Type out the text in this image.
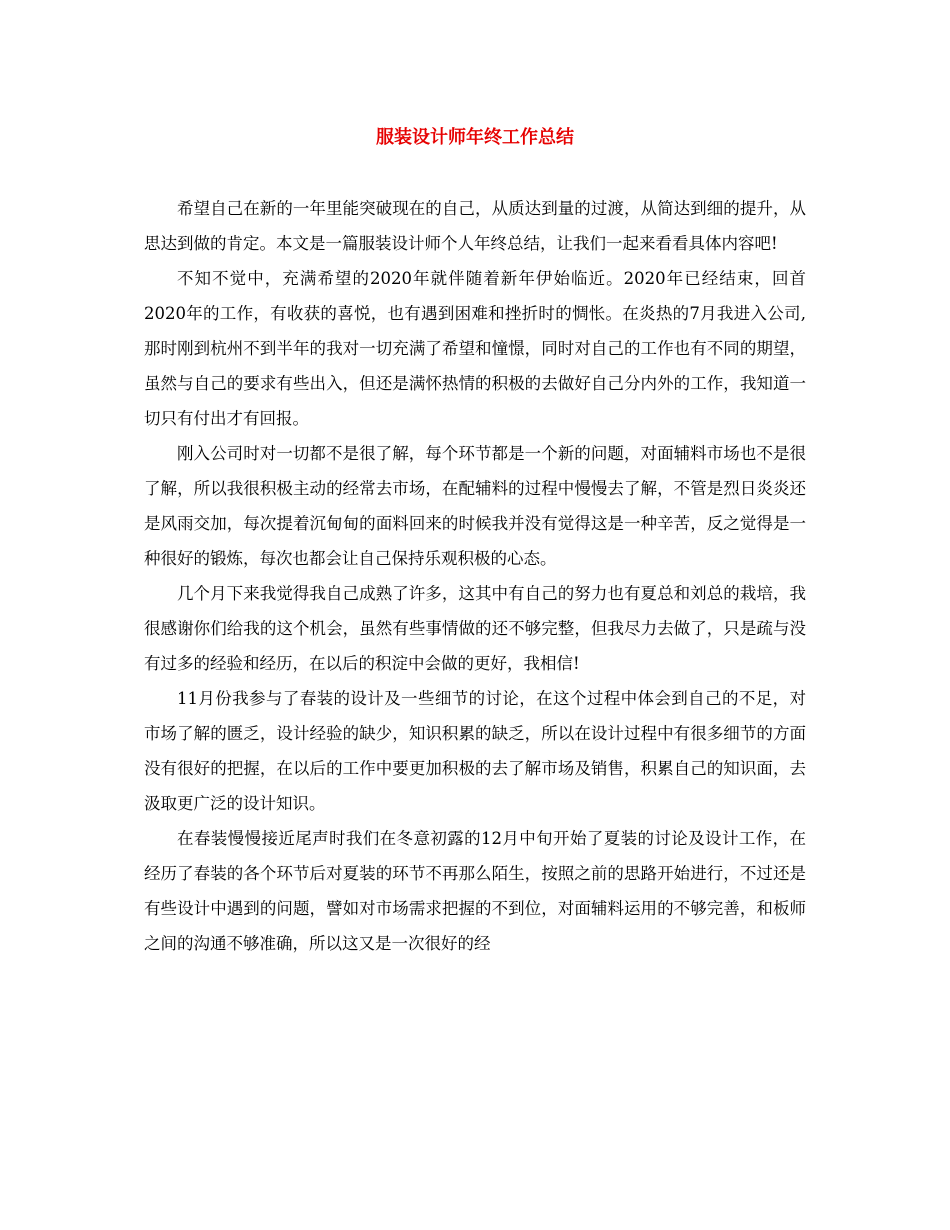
服装设计师年终工作总结

希望自己在新的一年里能突破现在的自己，从质达到量的过渡，从简达到细的提升，从思达到做的肯定。本文是一篇服装设计师个人年终总结，让我们一起来看看具体内容吧!

不知不觉中，充满希望的2020年就伴随着新年伊始临近。2020年已经结束，回首2020年的工作，有收获的喜悦，也有遇到困难和挫折时的惆怅。在炎热的7月我进入公司,那时刚到杭州不到半年的我对一切充满了希望和憧憬，同时对自己的工作也有不同的期望，虽然与自己的要求有些出入，但还是满怀热情的积极的去做好自己分内外的工作，我知道一切只有付出才有回报。

刚入公司时对一切都不是很了解，每个环节都是一个新的问题，对面辅料市场也不是很了解，所以我很积极主动的经常去市场，在配辅料的过程中慢慢去了解，不管是烈日炎炎还是风雨交加，每次提着沉甸甸的面料回来的时候我并没有觉得这是一种辛苦，反之觉得是一种很好的锻炼，每次也都会让自己保持乐观积极的心态。

几个月下来我觉得我自己成熟了许多，这其中有自己的努力也有夏总和刘总的栽培，我很感谢你们给我的这个机会，虽然有些事情做的还不够完整，但我尽力去做了，只是疏与没有过多的经验和经历，在以后的积淀中会做的更好，我相信!

11月份我参与了春装的设计及一些细节的讨论，在这个过程中体会到自己的不足，对市场了解的匮乏，设计经验的缺少，知识积累的缺乏，所以在设计过程中有很多细节的方面没有很好的把握，在以后的工作中要更加积极的去了解市场及销售，积累自己的知识面，去汲取更广泛的设计知识。

在春装慢慢接近尾声时我们在冬意初露的12月中旬开始了夏装的讨论及设计工作，在经历了春装的各个环节后对夏装的环节不再那么陌生，按照之前的思路开始进行，不过还是有些设计中遇到的问题，譬如对市场需求把握的不到位，对面辅料运用的不够完善，和板师之间的沟通不够准确，所以这又是一次很好的经
